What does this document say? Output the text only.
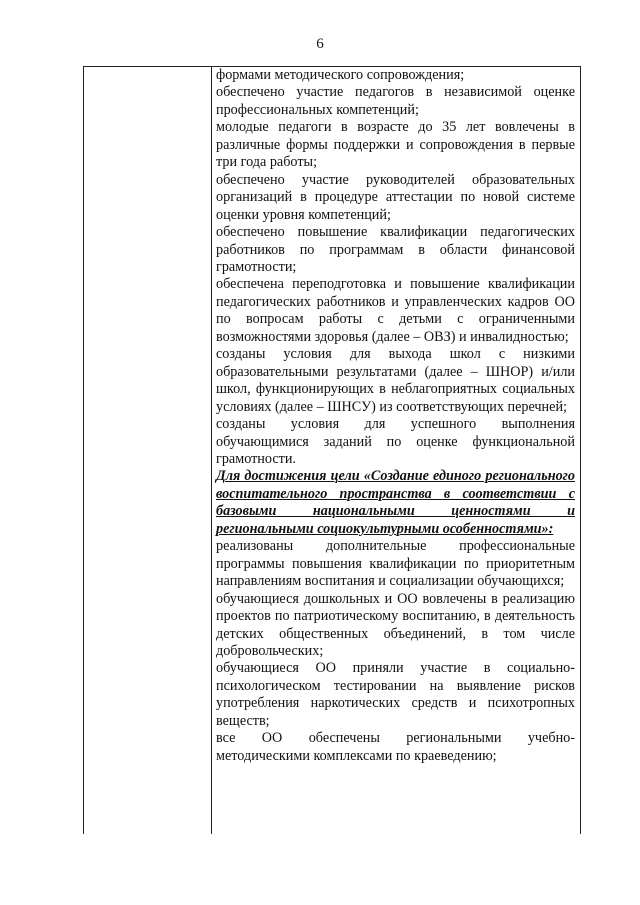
6

формами методического сопровождения;

обеспечено участие педагогов в независимой оценке профессиональных компетенций;

молодые педагоги в возрасте до 35 лет вовлечены в различные формы поддержки и сопровождения в первые три года работы;

обеспечено участие руководителей образовательных организаций в процедуре аттестации по новой системе оценки уровня компетенций;

обеспечено повышение квалификации педагогических работников по программам в области финансовой грамотности;

обеспечена переподготовка и повышение квалификации педагогических работников и управленческих кадров ОО по вопросам работы с детьми с ограниченными возможностями здоровья (далее – ОВЗ) и инвалидностью;

созданы условия для выхода школ с низкими образовательными результатами (далее – ШНОР) и/или школ, функционирующих в неблагоприятных социальных условиях (далее – ШНСУ) из соответствующих перечней;

созданы условия для успешного выполнения обучающимися заданий по оценке функциональной грамотности.

Для достижения цели «Создание единого регионального воспитательного пространства в соответствии с базовыми национальными ценностями и региональными социокультурными особенностями»:

реализованы дополнительные профессиональные программы повышения квалификации по приоритетным направлениям воспитания и социализации обучающихся;

обучающиеся дошкольных и ОО вовлечены в реализацию проектов по патриотическому воспитанию, в деятельность детских общественных объединений, в том числе добровольческих;

обучающиеся ОО приняли участие в социально-психологическом тестировании на выявление рисков употребления наркотических средств и психотропных веществ;

все ОО обеспечены региональными учебно-методическими комплексами по краеведению;
